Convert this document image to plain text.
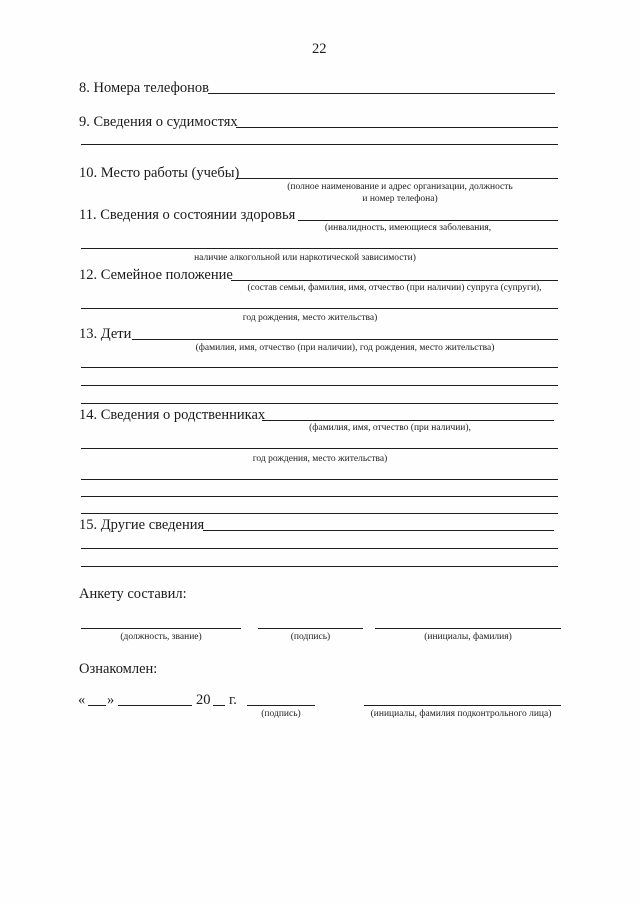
22
8. Номера телефонов
9. Сведения о судимостях
10. Место работы (учебы)
(полное наименование и адрес организации, должность
и номер телефона)
11. Сведения о состоянии здоровья
(инвалидность, имеющиеся заболевания,
наличие алкогольной или наркотической зависимости)
12. Семейное положение
(состав семьи, фамилия, имя, отчество (при наличии) супруга (супруги),
год рождения, место жительства)
13. Дети
(фамилия, имя, отчество (при наличии), год рождения, место жительства)
14. Сведения о родственниках
(фамилия, имя, отчество (при наличии),
год рождения, место жительства)
15. Другие сведения
Анкету составил:
(должность, звание)	(подпись)	(инициалы, фамилия)
Ознакомлен:
« »	20 г.
(подпись)	(инициалы, фамилия подконтрольного лица)
